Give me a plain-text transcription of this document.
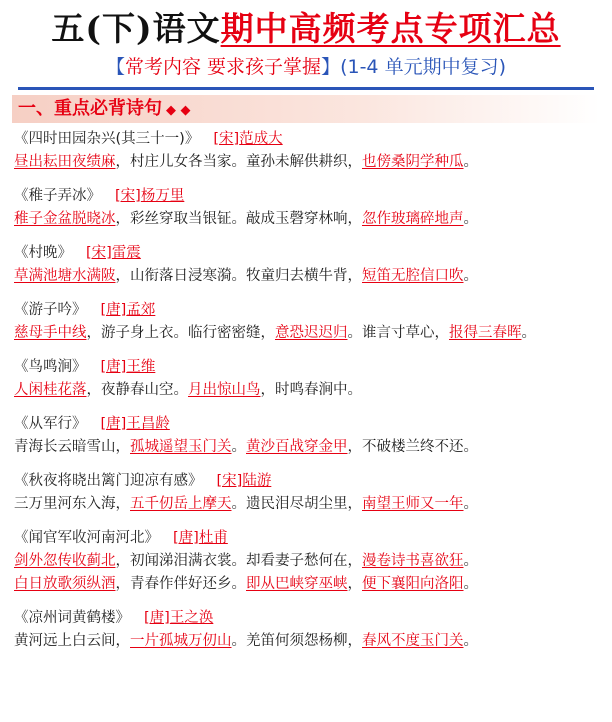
五(下)语文期中高频考点专项汇总
【常考内容 要求孩子掌握】(1-4 单元期中复习)
一、重点必背诗句 ◆ ◆
《四时田园杂兴(其三十一)》 [宋]范成大
昼出耘田夜绩麻，村庄儿女各当家。童孙未解供耕织，也傍桑阴学种瓜。
《稚子弄冰》 [宋]杨万里
稚子金盆脱晓冰，彩丝穿取当银钲。敲成玉磬穿林响，忽作玻璃碎地声。
《村晚》 [宋]雷震
草满池塘水满陂，山衔落日浸寒漪。牧童归去横牛背，短笛无腔信口吹。
《游子吟》 [唐]孟郊
慈母手中线，游子身上衣。临行密密缝，意恐迟迟归。谁言寸草心，报得三春晖。
《鸟鸣涧》 [唐]王维
人闲桂花落，夜静春山空。月出惊山鸟，时鸣春涧中。
《从军行》 [唐]王昌龄
青海长云暗雪山，孤城遥望玉门关。黄沙百战穿金甲，不破楼兰终不还。
《秋夜将晓出篱门迎凉有感》 [宋]陆游
三万里河东入海，五千仞岳上摩天。遗民泪尽胡尘里，南望王师又一年。
《闻官军收河南河北》 [唐]杜甫
剑外忽传收蓟北，初闻涕泪满衣裳。却看妻子愁何在，漫卷诗书喜欲狂。
白日放歌须纵酒，青春作伴好还乡。即从巴峡穿巫峡，便下襄阳向洛阳。
《凉州词黄鹤楼》 [唐]王之涣
黄河远上白云间，一片孤城万仞山。羌笛何须怨杨柳，春风不度玉门关。
